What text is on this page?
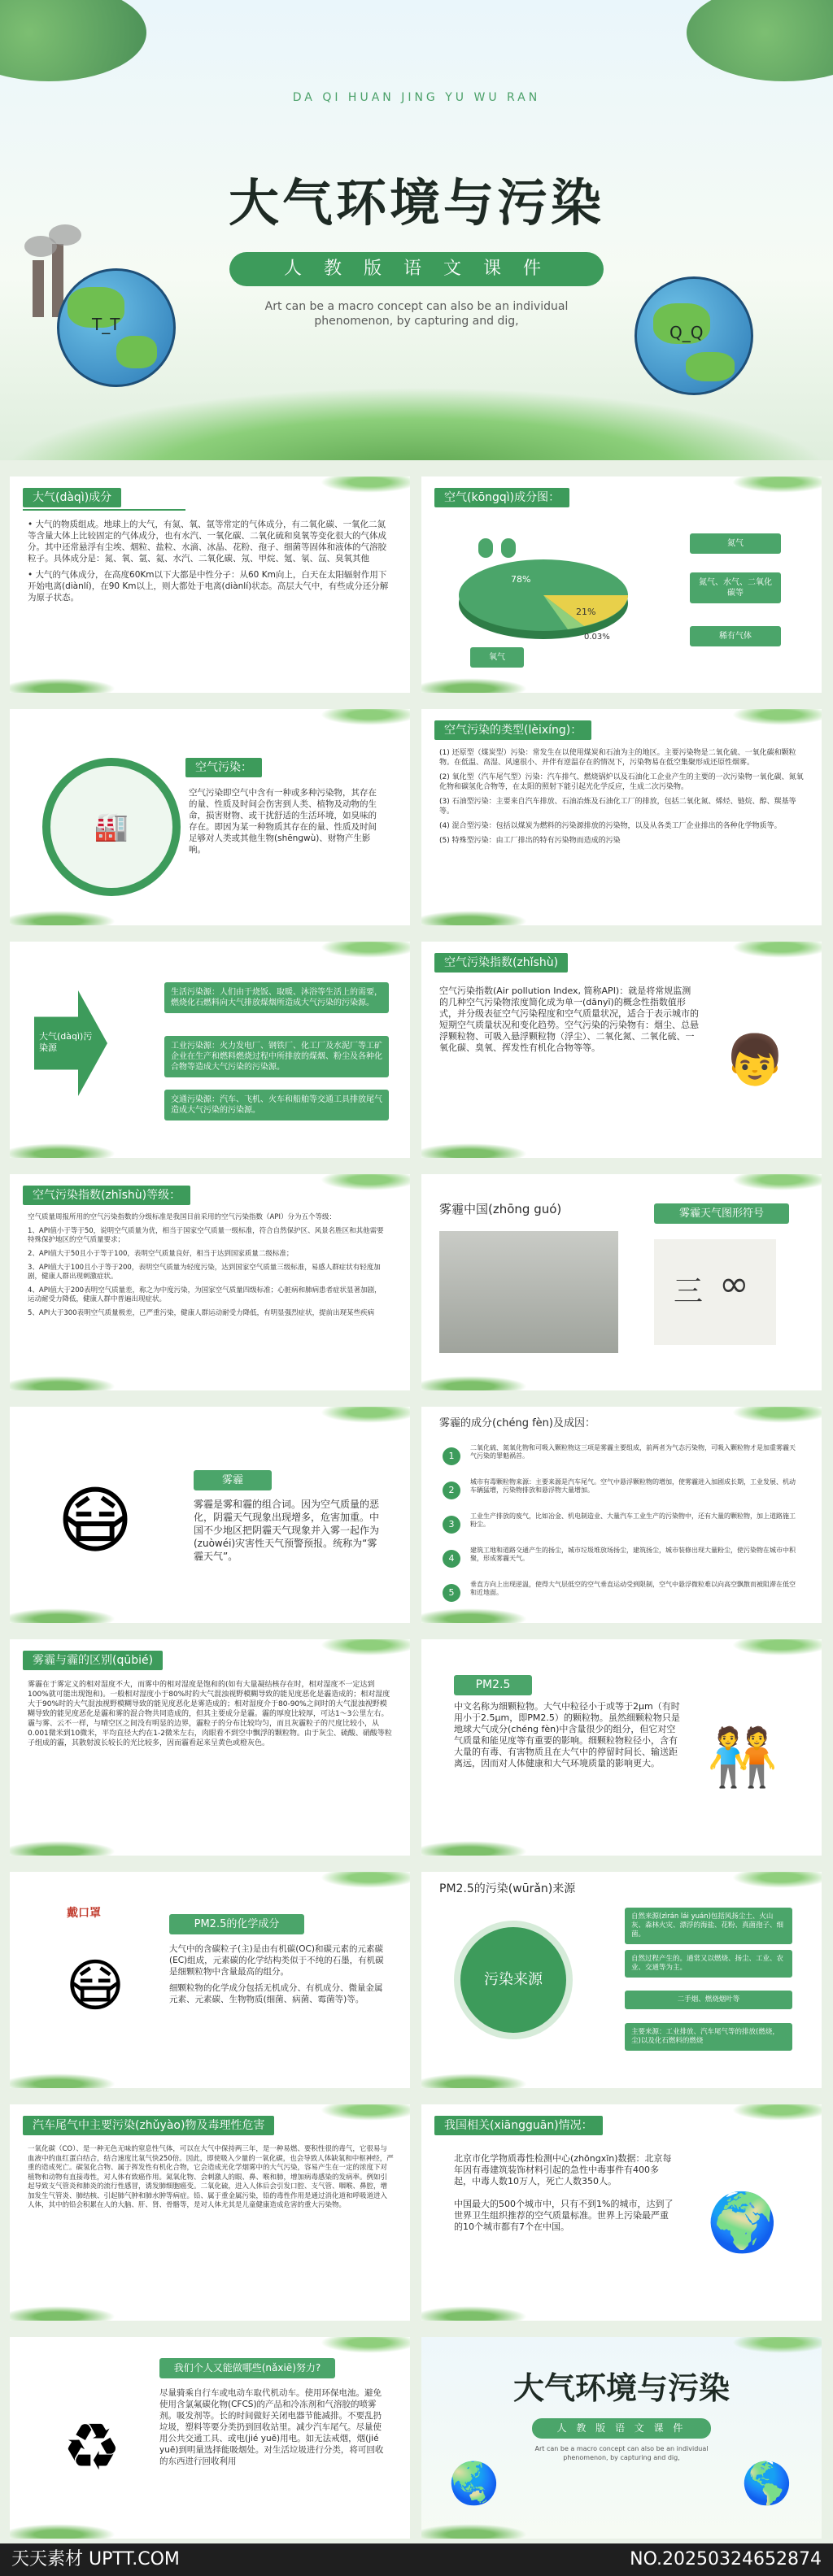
DA QI HUAN JING YU WU RAN
大气环境与污染
人 教 版 语 文 课 件
Art can be a macro concept can also be an individual phenomenon, by capturing and dig,
T_T	Q_Q
大气(dàqì)成分

• 大气的物质组成。地球上的大气，有氮、氧、氩等常定的气体成分，有二氧化碳、一氧化二氮等含量大体上比较固定的气体成分，也有水汽、一氧化碳、二氧化硫和臭氧等变化很大的气体成分。其中还常悬浮有尘埃、烟粒、盐粒、水滴、冰晶、花粉、孢子、细菌等固体和液体的气溶胶粒子。具体成分是：氮、氧、氩、氦、水汽、二氧化碳、氖、甲烷、氪、氡、氙、臭氧其他

• 大气的气体成分，在高度60Km以下大都是中性分子：从60 Km向上，白天在太阳辐射作用下开始电离(diànlí)，在90 Km以上，则大都处于电离(diànlí)状态。高层大气中，有些成分还分解为原子状态。

空气(kōngqì)成分图：
78%
21%
0.03%
氮气
氮气、水气、二氧化碳等
稀有气体
氧气
🏭
空气污染：
空气污染即空气中含有一种或多种污染物，其存在的量、性质及时间会伤害到人类、植物及动物的生命，损害财物、或干扰舒适的生活环境，如臭味的存在。即因为某一种物质其存在的量、性质及时间足够对人类或其他生物(shēngwù)、财物产生影响。
空气污染的类型(lèixíng)：

(1) 还原型（煤炭型）污染：常发生在以使用煤炭和石油为主的地区。主要污染物是二氧化硫、一氧化碳和颗粒物。在低温、高湿、风速很小、并伴有逆温存在的情况下，污染物易在低空集聚形成还原性烟雾。

(2) 氧化型（汽车尾气型）污染：汽车排气、燃烧锅炉以及石油化工企业产生的主要的一次污染物一氧化碳、氮氧化物和碳氢化合物等，在太阳的照射下能引起光化学反应，生成二次污染物。

(3) 石油型污染：主要来自汽车排放、石油冶炼及石油化工厂的排放，包括二氧化氮、烯烃、链烷、醇、羰基等等。

(4) 混合型污染：包括以煤炭为燃料的污染源排放的污染物，以及从各类工厂企业排出的各种化学物质等。

(5) 特殊型污染：由工厂排出的特有污染物而造成的污染

大气(dàqì)污染源
生活污染源：人们由于烧饭、取暖、沐浴等生活上的需要，燃烧化石燃料向大气排放煤烟所造成大气污染的污染源。
工业污染源：火力发电厂、钢铁厂、化工厂及水泥厂等工矿企业在生产和燃料燃烧过程中所排放的煤烟、粉尘及各种化合物等造成大气污染的污染源。
交通污染源：汽车、飞机、火车和船舶等交通工具排放尾气造成大气污染的污染源。
空气污染指数(zhǐshù)
空气污染指数(Air pollution Index, 简称API)：就是将常规监测的几种空气污染物浓度简化成为单一(dānyī)的概念性指数值形式，并分级表征空气污染程度和空气质量状况，适合于表示城市的短期空气质量状况和变化趋势。空气污染的污染物有：烟尘、总悬浮颗粒物、可吸入悬浮颗粒物（浮尘）、二氧化氮、二氧化硫、一氧化碳、臭氧、挥发性有机化合物等等。	👦
空气污染指数(zhǐshù)等级：

空气质量周报所用的空气污染指数的分级标准是我国目前采用的空气污染指数（API）分为五个等级：

1、API值小于等于50，说明空气质量为优，相当于国家空气质量一级标准，符合自然保护区、风景名胜区和其他需要特殊保护地区的空气质量要求；

2、API值大于50且小于等于100，表明空气质量良好，相当于达到国家质量二级标准；

3、API值大于100且小于等于200，表明空气质量为轻度污染，达到国家空气质量三级标准，易感人群症状有轻度加剧，健康人群出现刺激症状。

4、API值大于200表明空气质量差，称之为中度污染，为国家空气质量四级标准；心脏病和肺病患者症状显著加剧，运动耐受力降低，健康人群中普遍出现症状。

5、API大于300表明空气质量极差，已严重污染，健康人群运动耐受力降低，有明显强烈症状，提前出现某些疾病

雾霾中国(zhōng guó)	雾霾天气图形符号
三 ∞
😷	雾霾
雾霾是雾和霾的组合词。因为空气质量的恶化，阴霾天气现象出现增多，危害加重。中国不少地区把阴霾天气现象并入雾一起作为(zuòwéi)灾害性天气预警预报。统称为“雾霾天气”。
雾霾的成分(chéng fèn)及成因：
1
2
3
4
5

二氧化硫、氮氧化物和可吸入颗粒物这三项是雾霾主要组成，前两者为气态污染物，可吸入颗粒物才是加重雾霾天气污染的罪魁祸首。

城市有毒颗粒物来源：主要来源是汽车尾气。空气中悬浮颗粒物的增加，使雾霾进入加剧成长期，工业发展、机动车辆猛增，污染物排放和悬浮物大量增加。

工业生产排放的废气，比如冶金、机电制造业、大量汽车工业生产的污染物中，还有大量的颗粒物，加上道路施工粉尘。

建筑工地和道路交通产生的扬尘，城市垃圾堆放场扬尘，建筑扬尘，城市装修出现大量粉尘，使污染物在城市中积聚，形成雾霾天气。

垂直方向上出现逆温，使得大气层低空的空气垂直运动受到限制，空气中悬浮微粒难以向高空飘散而被阻滞在低空和近地面。

雾霾与霾的区别(qūbié)
雾霾在于雾定义的相对湿度不大，而雾中的相对湿度是饱和的(如有大量凝结核存在时，相对湿度不一定达到100%就可能出现饱和)。一般相对湿度小于80%时的大气混浊视野模糊导致的能见度恶化是霾造成的；相对湿度大于90%时的大气混浊视野模糊导致的能见度恶化是雾造成的；相对湿度介于80-90%之间时的大气混浊视野模糊导致的能见度恶化是霾和雾的混合物共同造成的，但其主要成分是霾。霾的厚度比较厚，可达1～3公里左右。霾与雾、云不一样，与晴空区之间没有明显的边界，霾粒子的分布比较均匀，而且灰霾粒子的尺度比较小，从0.001微米到10微米，平均直径大约在1-2微米左右，肉眼看不到空中飘浮的颗粒物。由于灰尘、硫酸、硝酸等粒子组成的霾，其散射波长较长的光比较多，因而霾看起来呈黄色或橙灰色。
PM2.5
中文名称为细颗粒物。大气中粒径小于或等于2μm（有时用小于2.5μm，即PM2.5）的颗粒物。虽然细颗粒物只是地球大气成分(chéng fèn)中含量很少的组分，但它对空气质量和能见度等有重要的影响。细颗粒物粒径小，含有大量的有毒、有害物质且在大气中的停留时间长、输送距离远，因而对人体健康和大气环境质量的影响更大。 🧑‍🤝‍🧑
😷
戴口罩
PM2.5的化学成分

大气中的含碳粒子(主)是由有机碳(OC)和碳元素的元素碳(EC)组成，元素碳的化学结构类似于不纯的石墨，有机碳是细颗粒物中含量最高的组分。

细颗粒物的化学成分包括无机成分、有机成分、微量金属元素、元素碳、生物物质(细菌、病菌、霉菌等)等。

PM2.5的污染(wūrǎn)来源
污染来源
自然来源(zìrán lái yuán)包括风扬尘土、火山灰、森林火灾、漂浮的海盐、花粉、真菌孢子、细菌。
自然过程产生的。通常又以燃烧、扬尘、工业、农业、交通等为主。
二手烟、燃烧烟叶等
主要来源：工业排放、汽车尾气等的排放(燃烧，尘)以及化石燃料的燃烧
汽车尾气中主要污染(zhǔyào)物及毒理性危害
一氧化碳（CO）、是一种无色无味的窒息性气体，可以在大气中保持两三年，是一种易燃、要积性很的毒气，它很易与血液中的血红蛋白结合，结合速度比氧气快250倍。因此，即使吸入少量的一氧化碳，也会导致人体缺氧和中枢神经，严重的造成死亡。碳氢化合物、属于挥发性有机化合物，它会造成光化学烟雾中的大气污染，容易产生在一定的浓度下对植物和动物有直接毒性，对人体有致癌作用。氮氧化物、会刺激人的眼、鼻、喉和肺，增加病毒感染的发病率。例如引起导致支气管炎和肺炎的流行性感冒，诱发肺细胞癌变。二氧化硫，进入人体后会引发口腔、支气管、咽喉、鼻腔，增加发生气管炎、肺结核、引起肺气肿和肺水肿等病症。铅、属于重金属污染，铅的毒性作用是通过消化道和呼吸道进入人体，其中的铅会积累在人的大脑、肝、肾、骨骼等，是对人体尤其是儿童健康造成危害的重大污染物。
我国相关(xiāngguān)情况：

北京市化学物质毒性检测中心(zhōngxīn)数据：北京每年因有毒建筑装饰材料引起的急性中毒事件有400多起，中毒人数10万人，死亡人数350人。

中国最大的500个城市中，只有不到1%的城市，达到了世界卫生组织推荐的空气质量标准。世界上污染最严重的10个城市都有7个在中国。	🌍
♻
我们个人又能做哪些(nǎxiē)努力?
尽量骑乘自行车或电动车取代机动车。使用环保电池。避免使用含氯氟碳化物(CFCS)的产品和冷冻剂和气溶胶的喷雾剂。吸发剂等。长的时间做好关闭电器节能减排。不要乱扔垃圾，塑料等要分类扔到回收站里。减少汽车尾气。尽量使用公共交通工具、或电(jié yuē)用电。如无法戒烟，烟(jié yuē)到明量选择能吸烟处。对生活垃圾进行分类，将可回收的东西进行回收利用
大气环境与污染
人 教 版 语 文 课 件
Art can be a macro concept can also be an individual phenomenon, by capturing and dig,
🌏	🌎
天天素材 UPTT.COM	NO.20250324652874
